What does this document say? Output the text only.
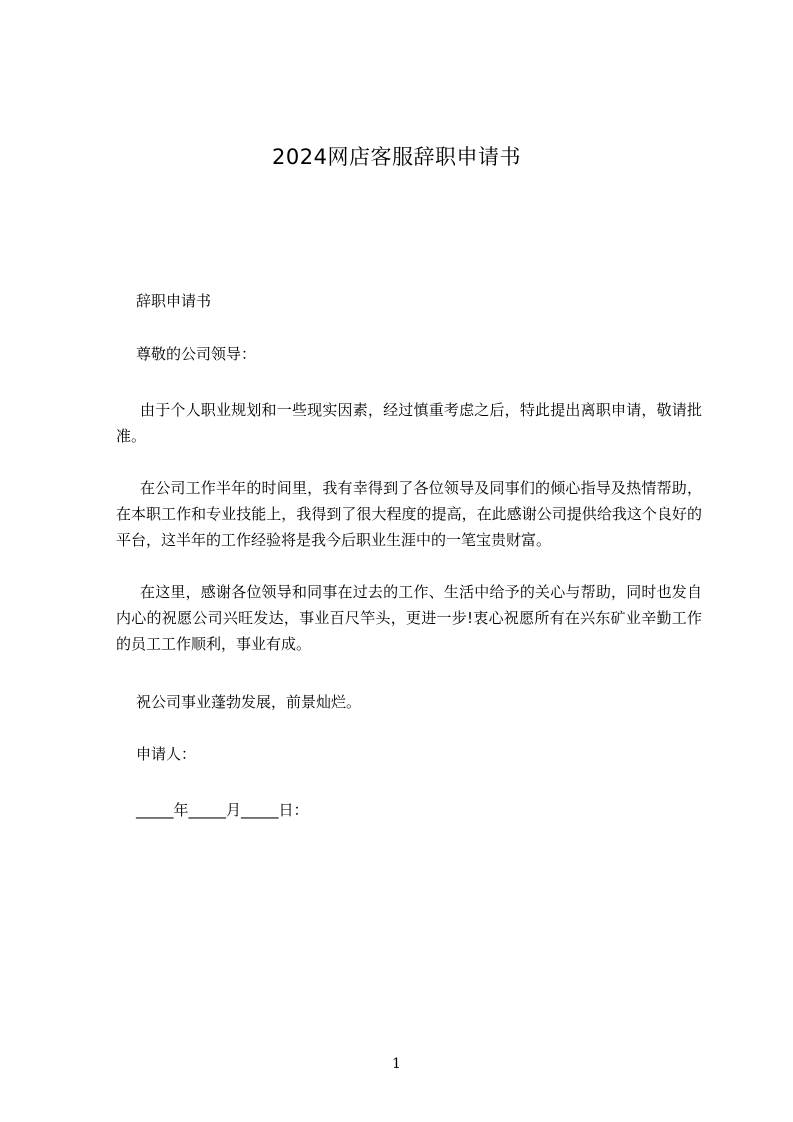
2024网店客服辞职申请书

辞职申请书

尊敬的公司领导：

由于个人职业规划和一些现实因素，经过慎重考虑之后，特此提出离职申请，敬请批准。

在公司工作半年的时间里，我有幸得到了各位领导及同事们的倾心指导及热情帮助，在本职工作和专业技能上，我得到了很大程度的提高，在此感谢公司提供给我这个良好的平台，这半年的工作经验将是我今后职业生涯中的一笔宝贵财富。

在这里，感谢各位领导和同事在过去的工作、生活中给予的关心与帮助，同时也发自内心的祝愿公司兴旺发达，事业百尺竿头，更进一步!衷心祝愿所有在兴东矿业辛勤工作的员工工作顺利，事业有成。

祝公司事业蓬勃发展，前景灿烂。

申请人：

_____年_____月_____日：

1
